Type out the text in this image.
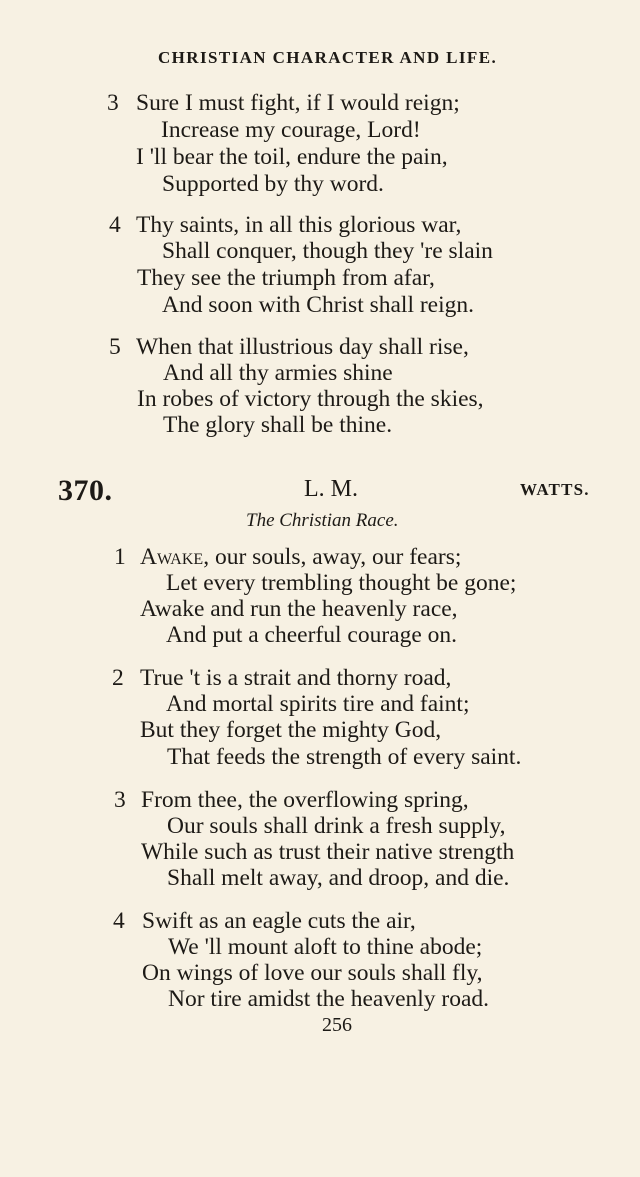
CHRISTIAN CHARACTER AND LIFE.
3 Sure I must fight, if I would reign;
Increase my courage, Lord!
I 'll bear the toil, endure the pain,
Supported by thy word.
4 Thy saints, in all this glorious war,
Shall conquer, though they 're slain
They see the triumph from afar,
And soon with Christ shall reign.
5 When that illustrious day shall rise,
And all thy armies shine
In robes of victory through the skies,
The glory shall be thine.
370.	L. M.	WATTS.
The Christian Race.
1 Awake, our souls, away, our fears;
Let every trembling thought be gone;
Awake and run the heavenly race,
And put a cheerful courage on.
2 True 't is a strait and thorny road,
And mortal spirits tire and faint;
But they forget the mighty God,
That feeds the strength of every saint.
3 From thee, the overflowing spring,
Our souls shall drink a fresh supply,
While such as trust their native strength
Shall melt away, and droop, and die.
4 Swift as an eagle cuts the air,
We 'll mount aloft to thine abode;
On wings of love our souls shall fly,
Nor tire amidst the heavenly road.
256
